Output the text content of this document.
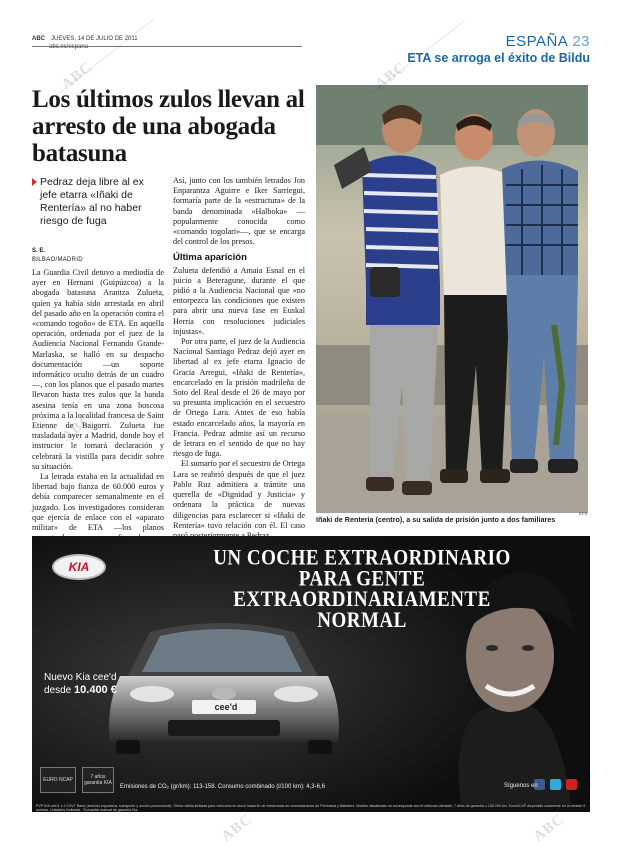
ABC JUEVES, 14 DE JULIO DE 2011
abc.es/espana	ESPAÑA 23
ETA se arroga el éxito de Bildu
Los últimos zulos llevan al arresto de una abogada batasuna
Pedraz deja libre al ex jefe etarra «Iñaki de Rentería» al no haber riesgo de fuga
S. E.
BILBAO/MADRID

La Guardia Civil detuvo a mediodía de ayer en Hernani (Guipúzcoa) a la abogada batasuna Arantza Zulueta, quien ya había sido arrestada en abril del pasado año en la operación contra el «comando togoño» de ETA. En aquella operación, ordenada por el juez de la Audiencia Nacional Fernando Grande-Marlaska, se halló en su despacho documentación —un soporte informático oculto detrás de un cuadro—, con los planos que el pasado martes llevaron hasta tres zulos que la banda asesina tenía en una zona boscosa próxima a la localidad francesa de Saint Etienne de Baigorri. Zulueta fue trasladada ayer a Madrid, donde hoy el instructor le tomará declaración y celebrará la vistilla para decidir sobre su situación.

La letrada estaba en la actualidad en libertad bajo fianza de 60.000 euros y debía comparecer semanalmente en el juzgado. Los investigadores consideran que ejercía de enlace con el «aparato militar» de ETA —los planos

Así, junto con los también letrados Jon Enparantza Aguirre e Iker Sarriegui, formaría parte de la «estructura» de la banda denominada «Halboka» —popularmente conocida como «comando togolari»—, que se encarga del control de los presos.

Última aparición

Zulueta defendió a Amaia Esnal en el juicio a Beteragune, durante el que pidió a la Audiencia Nacional que «no entorpezca las condiciones que existen para abrir una nueva fase en Euskal Herria con resoluciones judiciales injustas».

Por otra parte, el juez de la Audiencia Nacional Santiago Pedraz dejó ayer en libertad al ex jefe etarra Ignacio de Gracia Arregui, «Iñaki de Rentería», encarcelado en la prisión madrileña de Soto del Real desde el 26 de mayo por su presunta implicación en el secuestro de Ortega Lara. Antes de eso había estado encarcelado años, la mayoría en Francia. Pedraz admite así un recurso de letrara en el sentido de que no hay riesgo de fuga.

El sumario por el secuestro de Ortega Lara se reabrió después de que el juez Pablo Ruz admitiera a trámite una querella de «Dignidad y Justicia» y ordenara la práctica de nuevas diligencias para esclarecer si «Iñaki de Rentería» tuvo relación con él. El caso

EFE
Iñaki de Rentería (centro), a su salida de prisión junto a dos familiares
KIA	UN COCHE EXTRAORDINARIO
PARA GENTE
EXTRAORDINARIAMENTE
NORMAL
Nuevo Kia cee'd
desde 10.400 €
EURO NCAP	7 años garantía KIA
cee'd
Emisiones de CO₂ (gr/km): 113-158. Consumo combinado (l/100 km): 4,3-6,6	Síguenos en
PVP KIA cee'd 1.4 CVVT Basic (incluido impuestos, transporte y acción promocional). Oferta válida limitada para vehículos en stock hasta fin de existencias en concesionarios de Península y Baleares. Modelo visualizado no corresponde con el vehículo ofertado. 7 años de garantía o 150.000 km. EuroNCAP disponible solamente en la versión 5 puertas. Unidades limitadas. *Consultar manual de garantía Kia.
ABC	ABC
ABC
ABC	ABC
